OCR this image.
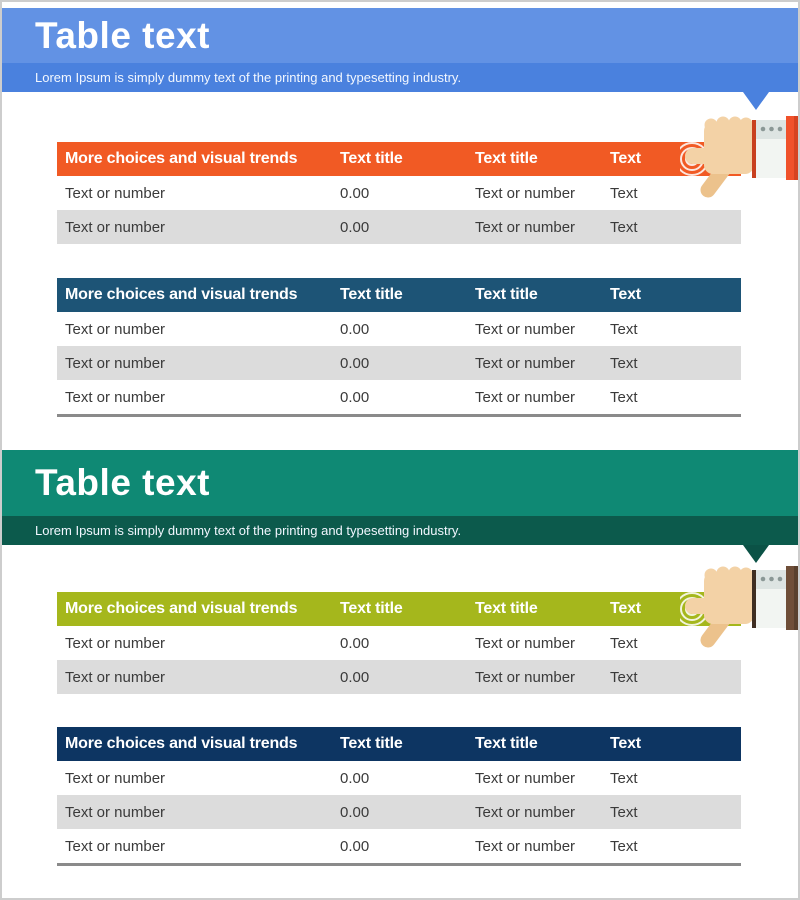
Table text

Lorem Ipsum is simply dummy text of the printing and typesetting industry.

More choices and visual trends	Text title	Text title	Text
Text or number	0.00	Text or number	Text
Text or number	0.00	Text or number	Text
More choices and visual trends	Text title	Text title	Text
Text or number	0.00	Text or number	Text
Text or number	0.00	Text or number	Text
Text or number	0.00	Text or number	Text
Table text

Lorem Ipsum is simply dummy text of the printing and typesetting industry.

More choices and visual trends	Text title	Text title	Text
Text or number	0.00	Text or number	Text
Text or number	0.00	Text or number	Text
More choices and visual trends	Text title	Text title	Text
Text or number	0.00	Text or number	Text
Text or number	0.00	Text or number	Text
Text or number	0.00	Text or number	Text
